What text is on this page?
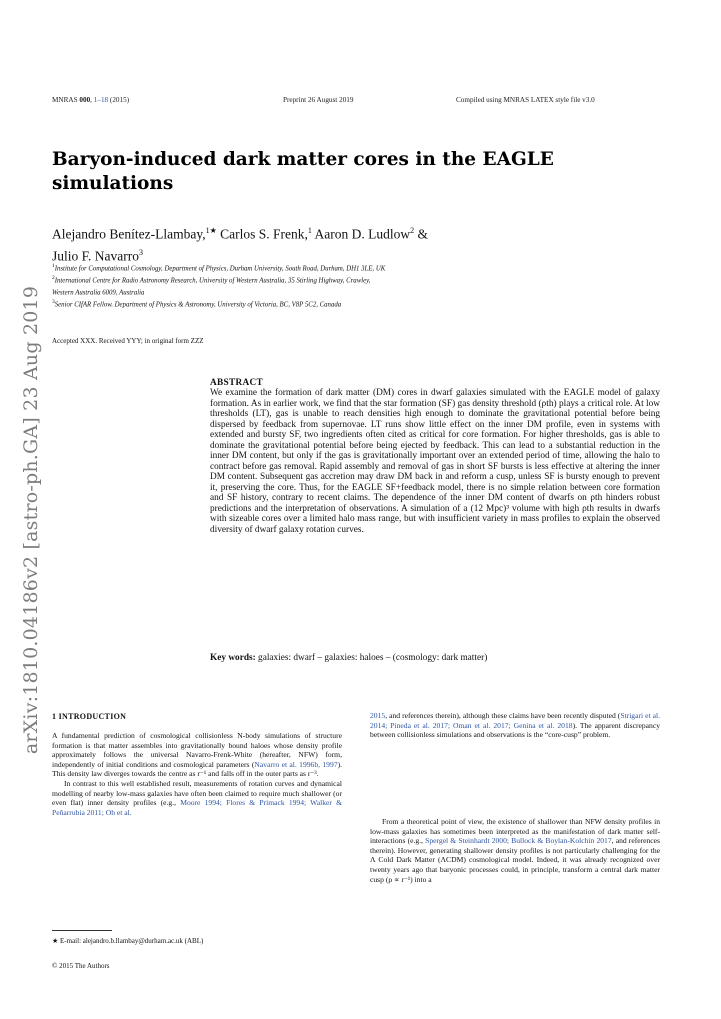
MNRAS 000, 1–18 (2015)	Preprint 26 August 2019	Compiled using MNRAS LATEX style file v3.0
arXiv:1810.04186v2 [astro-ph.GA] 23 Aug 2019
Baryon-induced dark matter cores in the EAGLE simulations
Alejandro Benítez-Llambay,$^{1★}$ Carlos S. Frenk,$^1$ Aaron D. Ludlow$^2$ &
Julio F. Navarro$^3$
$^1$Institute for Computational Cosmology, Department of Physics, Durham University, South Road, Durham, DH1 3LE, UK
$^2$International Centre for Radio Astronomy Research, University of Western Australia, 35 Stirling Highway, Crawley,
Western Australia 6009, Australia
$^3$Senior CIfAR Fellow. Department of Physics & Astronomy, University of Victoria, BC, V8P 5C2, Canada
Accepted XXX. Received YYY; in original form ZZZ
ABSTRACT

We examine the formation of dark matter (DM) cores in dwarf galaxies simulated with the EAGLE model of galaxy formation. As in earlier work, we find that the star formation (SF) gas density threshold (ρth) plays a critical role. At low thresholds (LT), gas is unable to reach densities high enough to dominate the gravitational potential before being dispersed by feedback from supernovae. LT runs show little effect on the inner DM profile, even in systems with extended and bursty SF, two ingredients often cited as critical for core formation. For higher thresholds, gas is able to dominate the gravitational potential before being ejected by feedback. This can lead to a substantial reduction in the inner DM content, but only if the gas is gravitationally important over an extended period of time, allowing the halo to contract before gas removal. Rapid assembly and removal of gas in short SF bursts is less effective at altering the inner DM content. Subsequent gas accretion may draw DM back in and reform a cusp, unless SF is bursty enough to prevent it, preserving the core. Thus, for the EAGLE SF+feedback model, there is no simple relation between core formation and SF history, contrary to recent claims. The dependence of the inner DM content of dwarfs on ρth hinders robust predictions and the interpretation of observations. A simulation of a (12 Mpc)³ volume with high ρth results in dwarfs with sizeable cores over a limited halo mass range, but with insufficient variety in mass profiles to explain the observed diversity of dwarf galaxy rotation curves.

Key words: galaxies: dwarf – galaxies: haloes – (cosmology: dark matter)
1 INTRODUCTION

A fundamental prediction of cosmological collisionless N-body simulations of structure formation is that matter assembles into gravitationally bound haloes whose density profile approximately follows the universal Navarro-Frenk-White (hereafter, NFW) form, independently of initial conditions and cosmological parameters (Navarro et al. 1996b, 1997). This density law diverges towards the centre as r⁻¹ and falls off in the outer parts as r⁻³.

In contrast to this well established result, measurements of rotation curves and dynamical modelling of nearby low-mass galaxies have often been claimed to require much shallower (or even flat) inner density profiles (e.g., Moore 1994; Flores & Primack 1994; Walker & Peñarrubia 2011; Oh et al.

2015, and references therein), although these claims have been recently disputed (Strigari et al. 2014; Pineda et al. 2017; Oman et al. 2017; Genina et al. 2018). The apparent discrepancy between collisionless simulations and observations is the “core-cusp” problem.

From a theoretical point of view, the existence of shallower than NFW density profiles in low-mass galaxies has sometimes been interpreted as the manifestation of dark matter self-interactions (e.g., Spergel & Steinhardt 2000; Bullock & Boylan-Kolchin 2017, and references therein). However, generating shallower density profiles is not particularly challenging for the Λ Cold Dark Matter (ΛCDM) cosmological model. Indeed, it was already recognized over twenty years ago that baryonic processes could, in principle, transform a central dark matter cusp (ρ ∝ r⁻¹) into a

★ E-mail: alejandro.b.llambay@durham.ac.uk (ABL)
© 2015 The Authors
